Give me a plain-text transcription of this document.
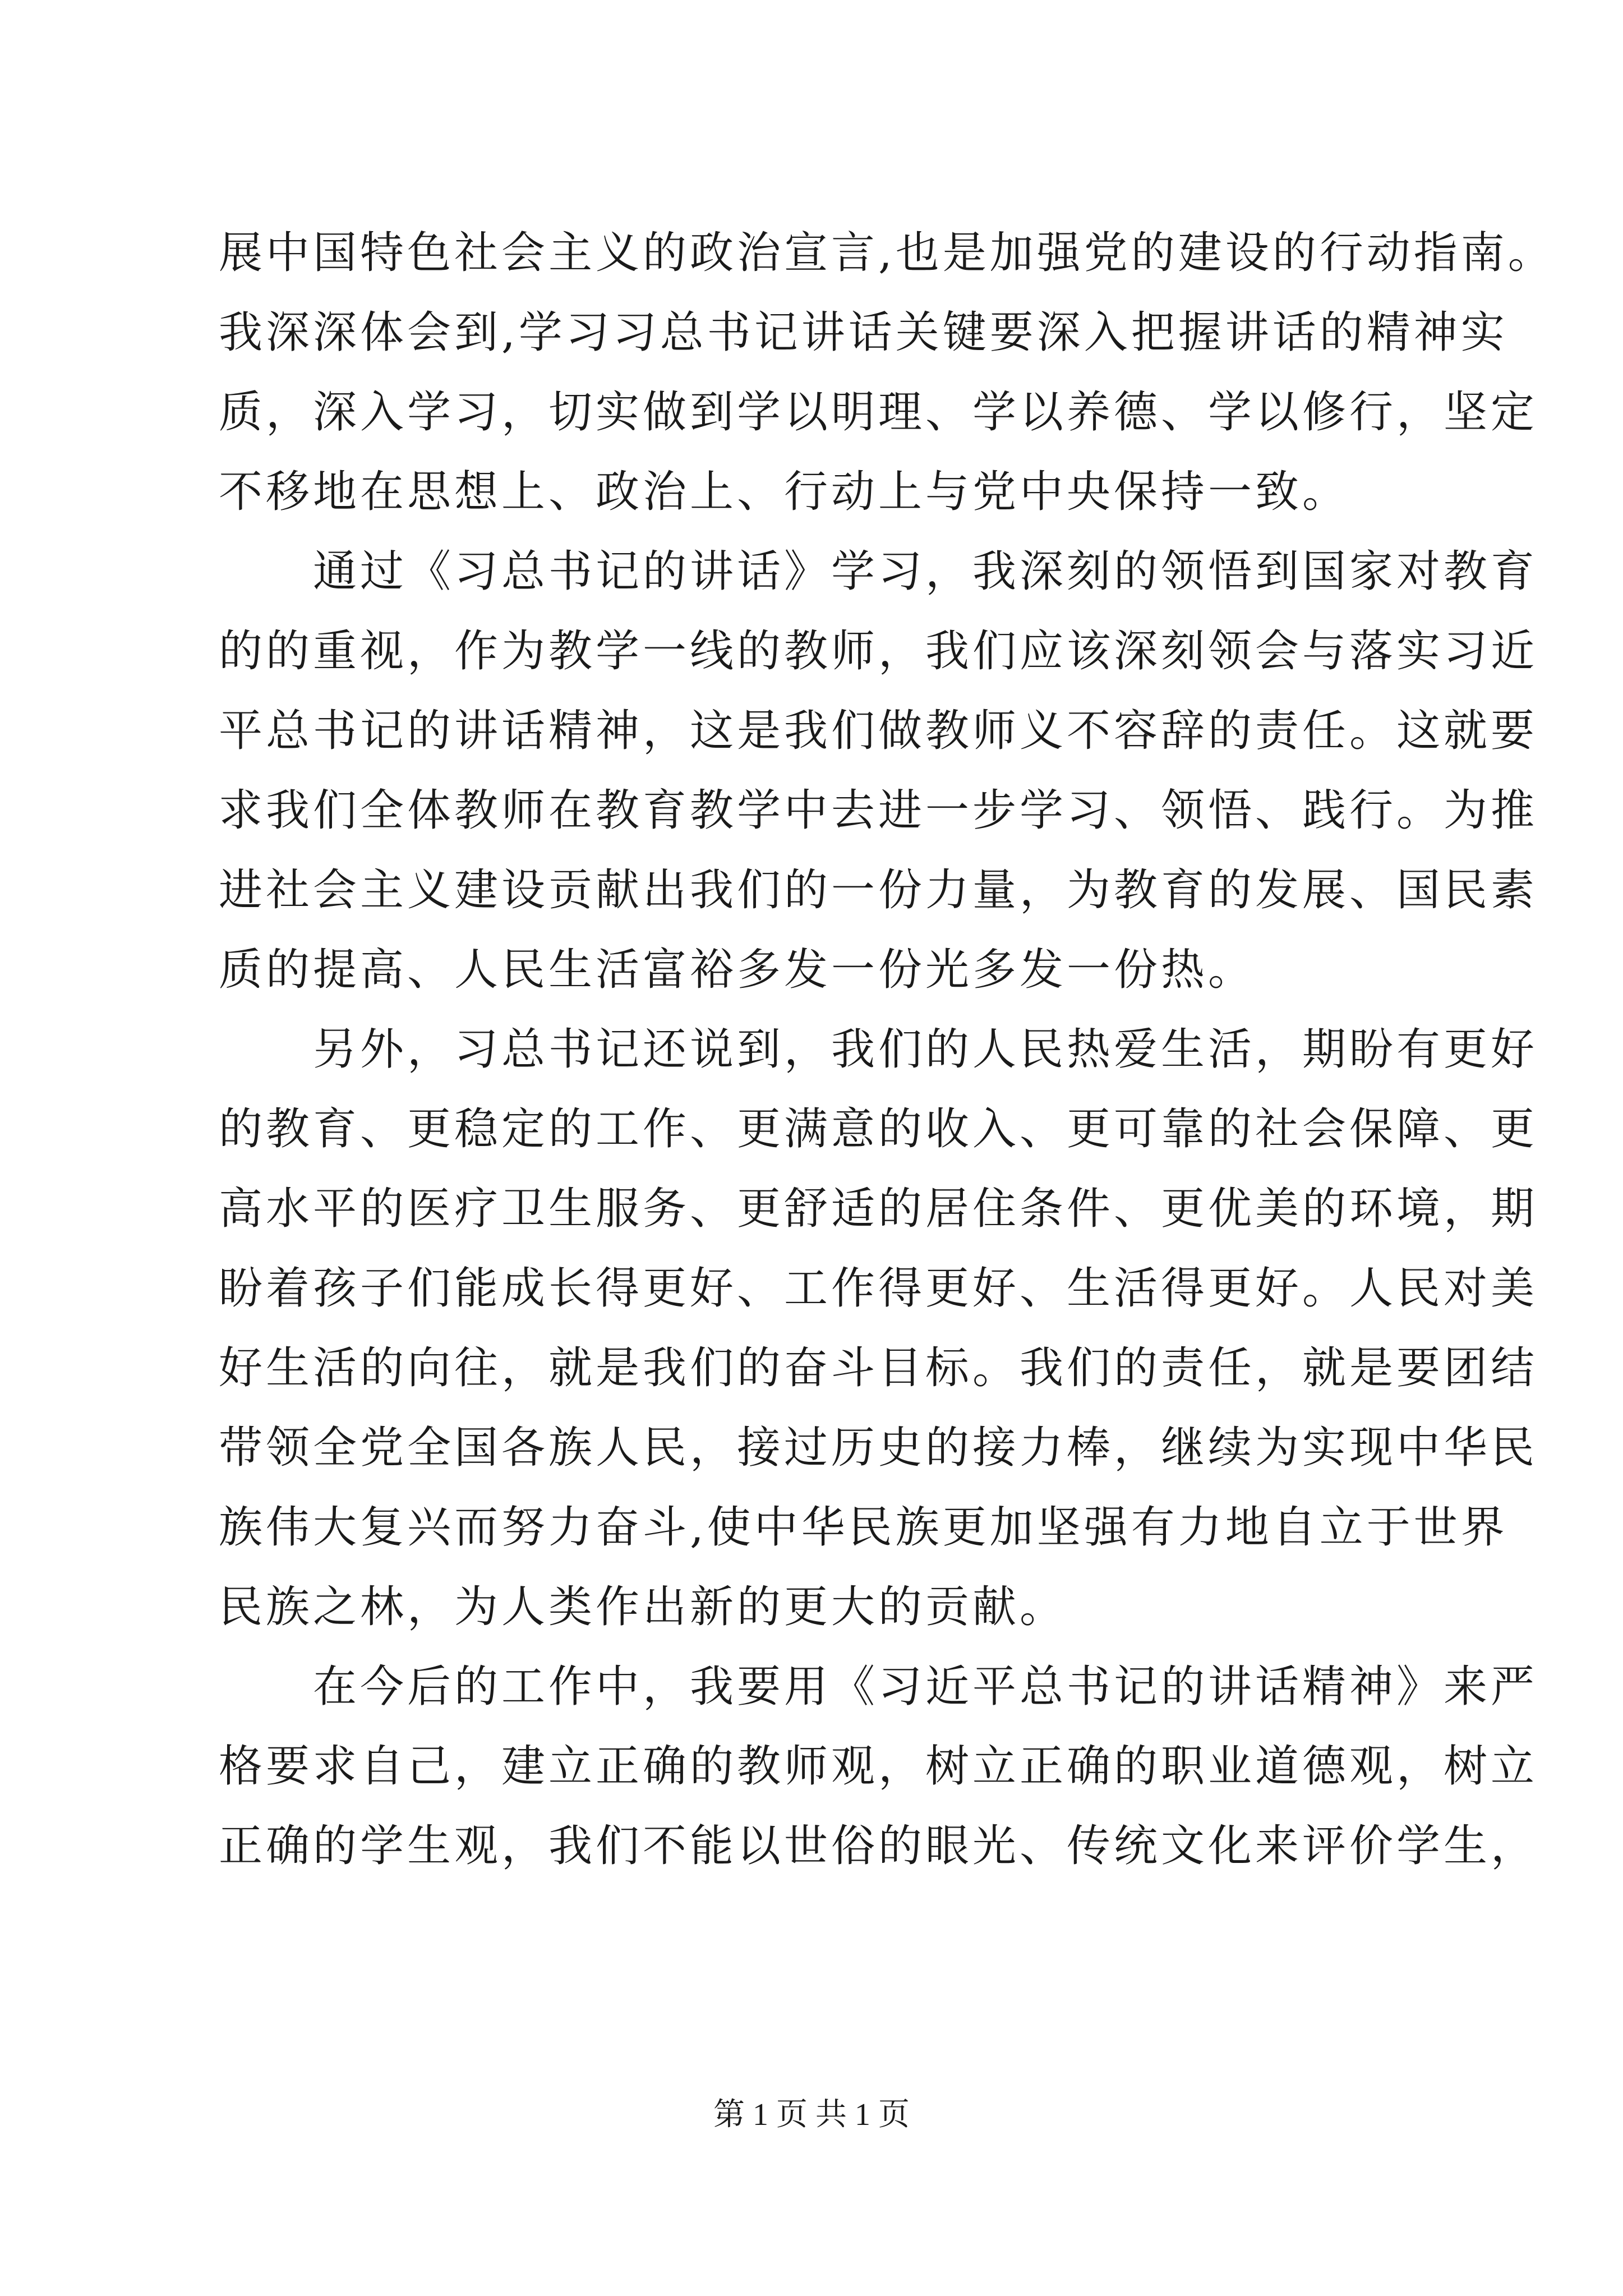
展中国特色社会主义的政治宣言,也是加强党的建设的行动指南。
我深深体会到,学习习总书记讲话关键要深入把握讲话的精神实
质，深入学习，切实做到学以明理、学以养德、学以修行，坚定
不移地在思想上、政治上、行动上与党中央保持一致。
　　通过《习总书记的讲话》学习，我深刻的领悟到国家对教育
的的重视，作为教学一线的教师，我们应该深刻领会与落实习近
平总书记的讲话精神，这是我们做教师义不容辞的责任。这就要
求我们全体教师在教育教学中去进一步学习、领悟、践行。为推
进社会主义建设贡献出我们的一份力量，为教育的发展、国民素
质的提高、人民生活富裕多发一份光多发一份热。
　　另外，习总书记还说到，我们的人民热爱生活，期盼有更好
的教育、更稳定的工作、更满意的收入、更可靠的社会保障、更
高水平的医疗卫生服务、更舒适的居住条件、更优美的环境，期
盼着孩子们能成长得更好、工作得更好、生活得更好。人民对美
好生活的向往，就是我们的奋斗目标。我们的责任，就是要团结
带领全党全国各族人民，接过历史的接力棒，继续为实现中华民
族伟大复兴而努力奋斗,使中华民族更加坚强有力地自立于世界
民族之林，为人类作出新的更大的贡献。
　　在今后的工作中，我要用《习近平总书记的讲话精神》来严
格要求自己，建立正确的教师观，树立正确的职业道德观，树立
正确的学生观，我们不能以世俗的眼光、传统文化来评价学生，
第 1 页 共 1 页
